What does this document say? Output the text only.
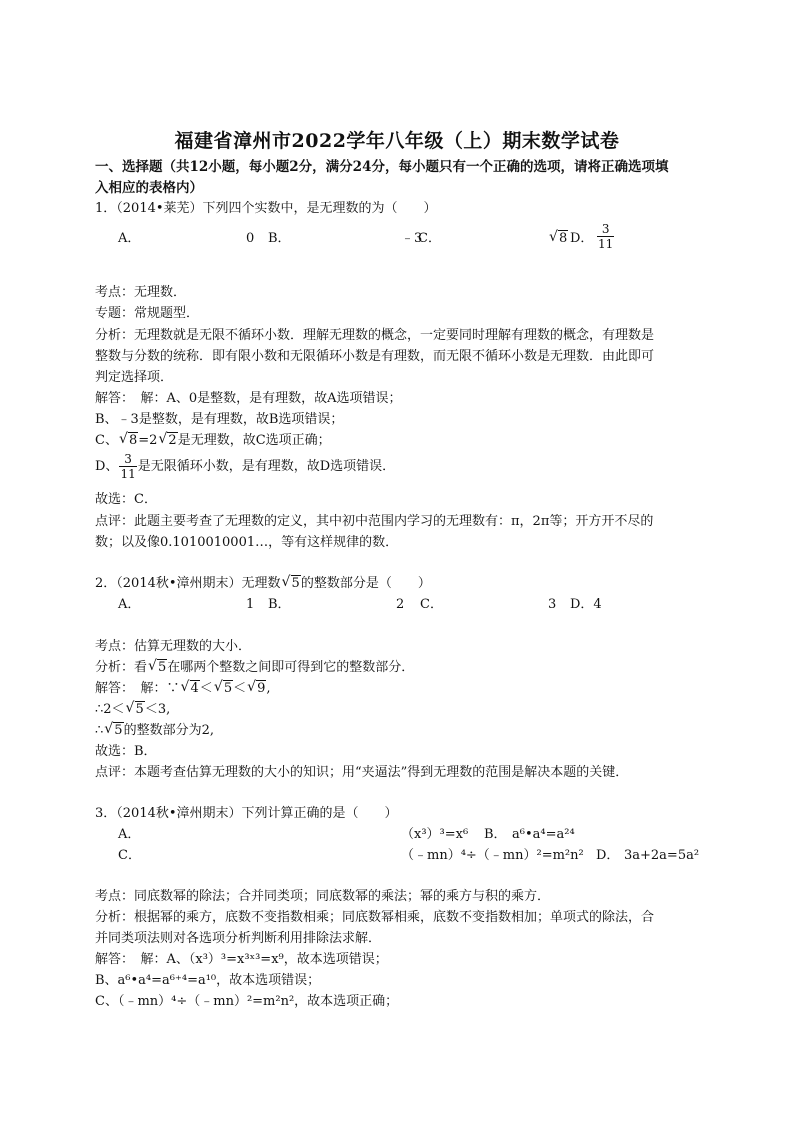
福建省漳州市2022学年八年级（上）期末数学试卷
一、选择题（共12小题，每小题2分，满分24分，每小题只有一个正确的选项，请将正确选项填
入相应的表格内）
1．（2014•莱芜）下列四个实数中，是无理数的为（　　）
A．	0 B．	﹣3
C．	√ 8 D． $\frac{3}{11}$
考点：无理数．
专题：常规题型．
分析：无理数就是无限不循环小数．理解无理数的概念，一定要同时理解有理数的概念，有理数是
整数与分数的统称．即有限小数和无限循环小数是有理数，而无限不循环小数是无理数．由此即可
判定选择项．
解答：　解：A、0是整数，是有理数，故A选项错误；
B、﹣3是整数，是有理数，故B选项错误；
C、 √ 8=2 √ 2是无理数，故C选项正确；
D、 $\frac{3}{11}$ 是无限循环小数，是有理数，故D选项错误．
故选：C．
点评：此题主要考查了无理数的定义，其中初中范围内学习的无理数有：π，2π等；开方开不尽的
数；以及像0.1010010001…，等有这样规律的数．
2．（2014秋•漳州期末）无理数 √ 5的整数部分是（　　）
A．	1 B．	2 C．	3 D．4
考点：估算无理数的大小．
分析：看 √ 5在哪两个整数之间即可得到它的整数部分．
解答：　解：∵ √ 4＜ √ 5＜ √ 9,
∴2＜ √ 5＜3,
∴ √ 5的整数部分为2,
故选：B．
点评：本题考查估算无理数的大小的知识；用“夹逼法”得到无理数的范围是解决本题的关键．
3．（2014秋•漳州期末）下列计算正确的是（　　）
A．	（x³）³=x⁶ B． a⁶•a⁴=a²⁴
C．	（﹣mn）⁴÷（﹣mn）²=m²n² D． 3a+2a=5a²
考点：同底数幂的除法；合并同类项；同底数幂的乘法；幂的乘方与积的乘方．
分析：根据幂的乘方，底数不变指数相乘；同底数幂相乘，底数不变指数相加；单项式的除法，合
并同类项法则对各选项分析判断利用排除法求解．
解答：　解：A、（x³）³=x³ˣ³=x⁹，故本选项错误；
B、a⁶•a⁴=a⁶⁺⁴=a¹⁰，故本选项错误；
C、（﹣mn）⁴÷（﹣mn）²=m²n²，故本选项正确；
